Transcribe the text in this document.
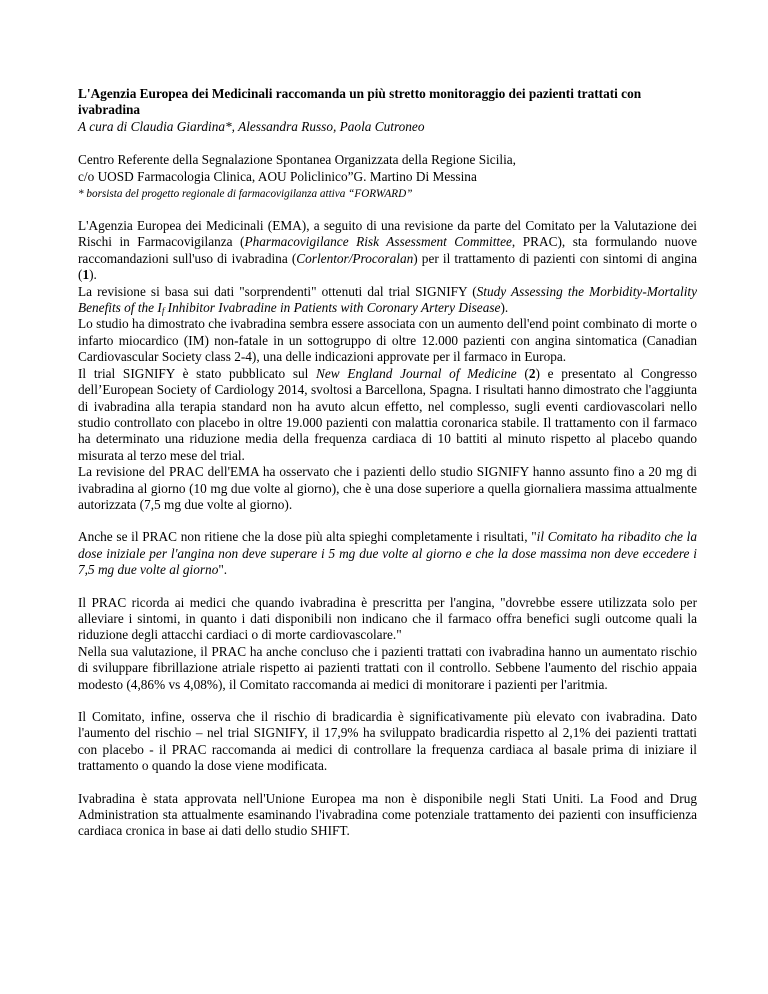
L'Agenzia Europea dei Medicinali raccomanda un più stretto monitoraggio dei pazienti trattati con ivabradina

A cura di Claudia Giardina*, Alessandra Russo, Paola Cutroneo

Centro Referente della Segnalazione Spontanea Organizzata della Regione Sicilia,

c/o UOSD Farmacologia Clinica, AOU Policlinico”G. Martino Di Messina

* borsista del progetto regionale di farmacovigilanza attiva “FORWARD”

L'Agenzia Europea dei Medicinali (EMA), a seguito di una revisione da parte del Comitato per la Valutazione dei Rischi in Farmacovigilanza (Pharmacovigilance Risk Assessment Committee, PRAC), sta formulando nuove raccomandazioni sull'uso di ivabradina (Corlentor/Procoralan) per il trattamento di pazienti con sintomi di angina (1).

La revisione si basa sui dati "sorprendenti" ottenuti dal trial SIGNIFY (Study Assessing the Morbidity-Mortality Benefits of the $I_f$ Inhibitor Ivabradine in Patients with Coronary Artery Disease).

Lo studio ha dimostrato che ivabradina sembra essere associata con un aumento dell'end point combinato di morte o infarto miocardico (IM) non-fatale in un sottogruppo di oltre 12.000 pazienti con angina sintomatica (Canadian Cardiovascular Society class 2-4), una delle indicazioni approvate per il farmaco in Europa.

Il trial SIGNIFY è stato pubblicato sul New England Journal of Medicine (2) e presentato al Congresso dell’European Society of Cardiology 2014, svoltosi a Barcellona, Spagna. I risultati hanno dimostrato che l'aggiunta di ivabradina alla terapia standard non ha avuto alcun effetto, nel complesso, sugli eventi cardiovascolari nello studio controllato con placebo in oltre 19.000 pazienti con malattia coronarica stabile. Il trattamento con il farmaco ha determinato una riduzione media della frequenza cardiaca di 10 battiti al minuto rispetto al placebo quando misurata al terzo mese del trial.

La revisione del PRAC dell'EMA ha osservato che i pazienti dello studio SIGNIFY hanno assunto fino a 20 mg di ivabradina al giorno (10 mg due volte al giorno), che è una dose superiore a quella giornaliera massima attualmente autorizzata (7,5 mg due volte al giorno).

Anche se il PRAC non ritiene che la dose più alta spieghi completamente i risultati, "il Comitato ha ribadito che la dose iniziale per l'angina non deve superare i 5 mg due volte al giorno e che la dose massima non deve eccedere i 7,5 mg due volte al giorno".

Il PRAC ricorda ai medici che quando ivabradina è prescritta per l'angina, "dovrebbe essere utilizzata solo per alleviare i sintomi, in quanto i dati disponibili non indicano che il farmaco offra benefici sugli outcome quali la riduzione degli attacchi cardiaci o di morte cardiovascolare."

Nella sua valutazione, il PRAC ha anche concluso che i pazienti trattati con ivabradina hanno un aumentato rischio di sviluppare fibrillazione atriale rispetto ai pazienti trattati con il controllo. Sebbene l'aumento del rischio appaia modesto (4,86% vs 4,08%), il Comitato raccomanda ai medici di monitorare i pazienti per l'aritmia.

Il Comitato, infine, osserva che il rischio di bradicardia è significativamente più elevato con ivabradina. Dato l'aumento del rischio – nel trial SIGNIFY, il 17,9% ha sviluppato bradicardia rispetto al 2,1% dei pazienti trattati con placebo - il PRAC raccomanda ai medici di controllare la frequenza cardiaca al basale prima di iniziare il trattamento o quando la dose viene modificata.

Ivabradina è stata approvata nell'Unione Europea ma non è disponibile negli Stati Uniti. La Food and Drug Administration sta attualmente esaminando l'ivabradina come potenziale trattamento dei pazienti con insufficienza cardiaca cronica in base ai dati dello studio SHIFT.
